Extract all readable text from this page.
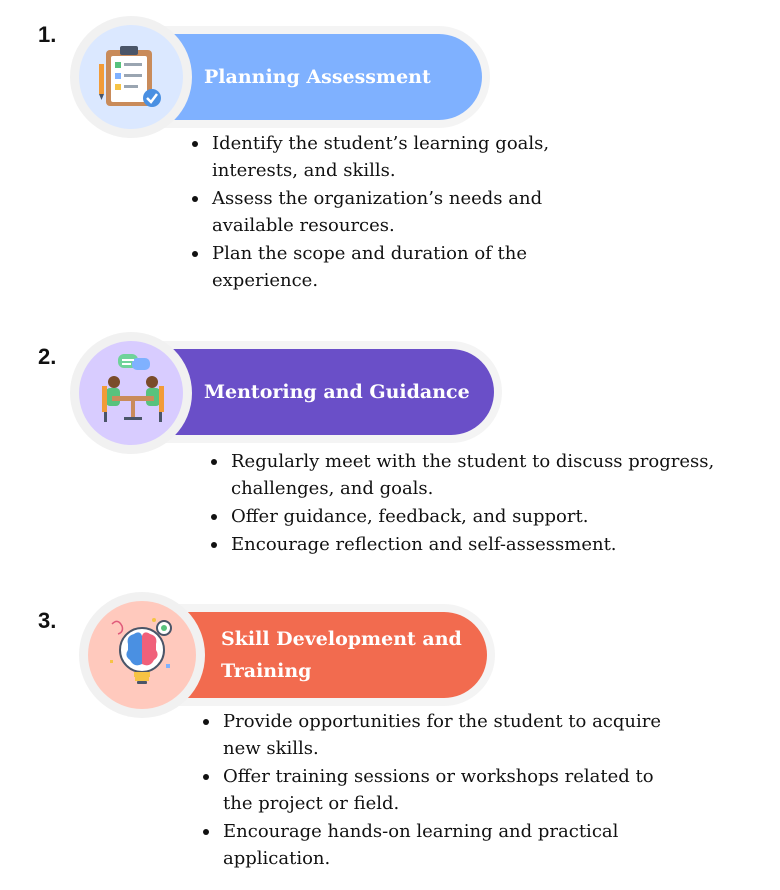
1.
Planning Assessment
Identify the student’s learning goals, interests, and skills.
Assess the organization’s needs and available resources.
Plan the scope and duration of the experience.
2.
Mentoring and Guidance
Regularly meet with the student to discuss progress, challenges, and goals.
Offer guidance, feedback, and support.
Encourage reflection and self-assessment.
3.
Skill Development and Training
Provide opportunities for the student to acquire new skills.
Offer training sessions or workshops related to the project or field.
Encourage hands-on learning and practical application.
